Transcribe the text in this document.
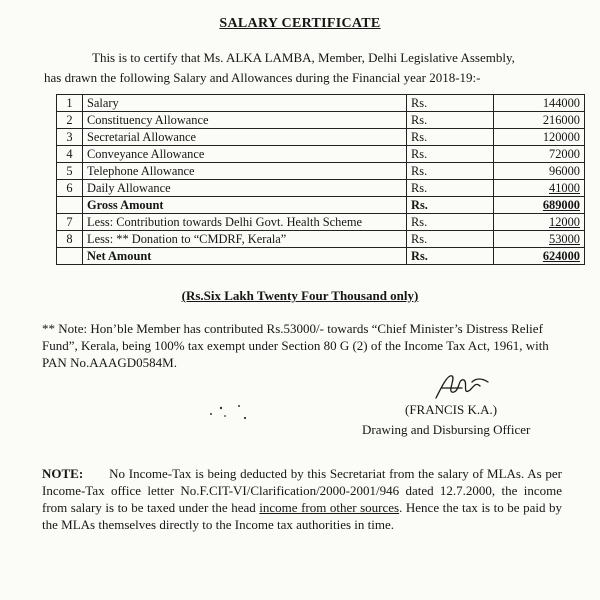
SALARY CERTIFICATE
This is to certify that Ms. ALKA LAMBA, Member, Delhi Legislative Assembly,
has drawn the following Salary and Allowances during the Financial year 2018-19:-
1	Salary	Rs.	144000
2	Constituency Allowance	Rs.	216000
3	Secretarial Allowance	Rs.	120000
4	Conveyance Allowance	Rs.	72000
5	Telephone Allowance	Rs.	96000
6	Daily Allowance	Rs.	41000
	Gross Amount	Rs.	689000
7	Less: Contribution towards Delhi Govt. Health Scheme	Rs.	12000
8	Less: ** Donation to “CMDRF, Kerala”	Rs.	53000
	Net Amount	Rs.	624000
(Rs.Six Lakh Twenty Four Thousand only)
** Note: Hon’ble Member has contributed Rs.53000/- towards “Chief Minister’s Distress Relief Fund”, Kerala, being 100% tax exempt under Section 80 G (2) of the Income Tax Act, 1961, with PAN No.AAAGD0584M.
(FRANCIS K.A.)
Drawing and Disbursing Officer
NOTE: No Income-Tax is being deducted by this Secretariat from the salary of MLAs. As per Income-Tax office letter No.F.CIT-VI/Clarification/2000-2001/946 dated 12.7.2000, the income from salary is to be taxed under the head income from other sources. Hence the tax is to be paid by the MLAs themselves directly to the Income tax authorities in time.
